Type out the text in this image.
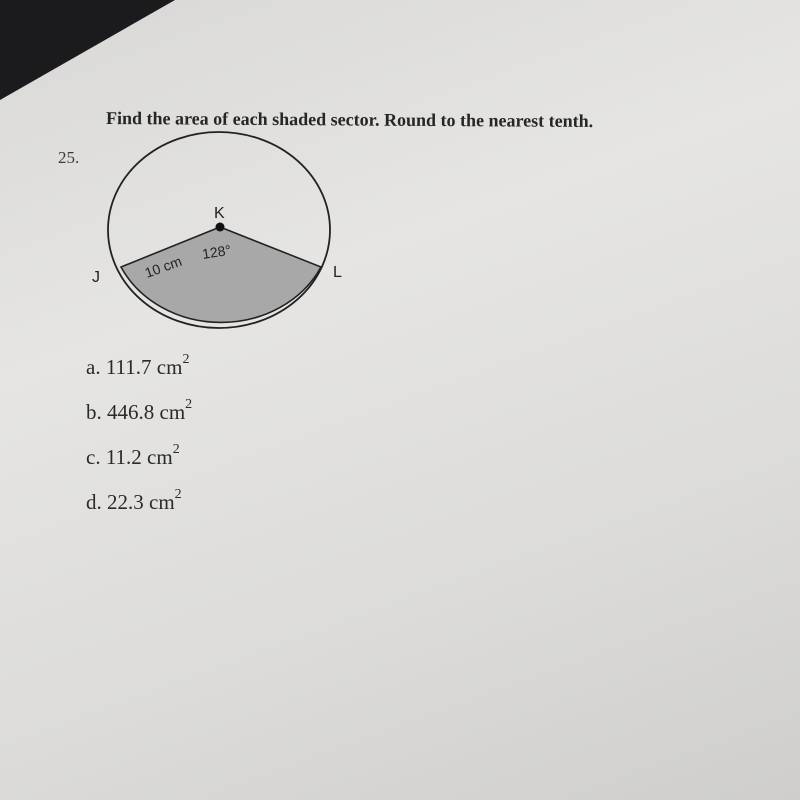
Find the area of each shaded sector. Round to the nearest tenth.
25.
K
J	L
10 cm
128°
a. 111.7 $cm^2$
b. 446.8 $cm^2$
c. 11.2 $cm^2$
d. 22.3 $cm^2$
